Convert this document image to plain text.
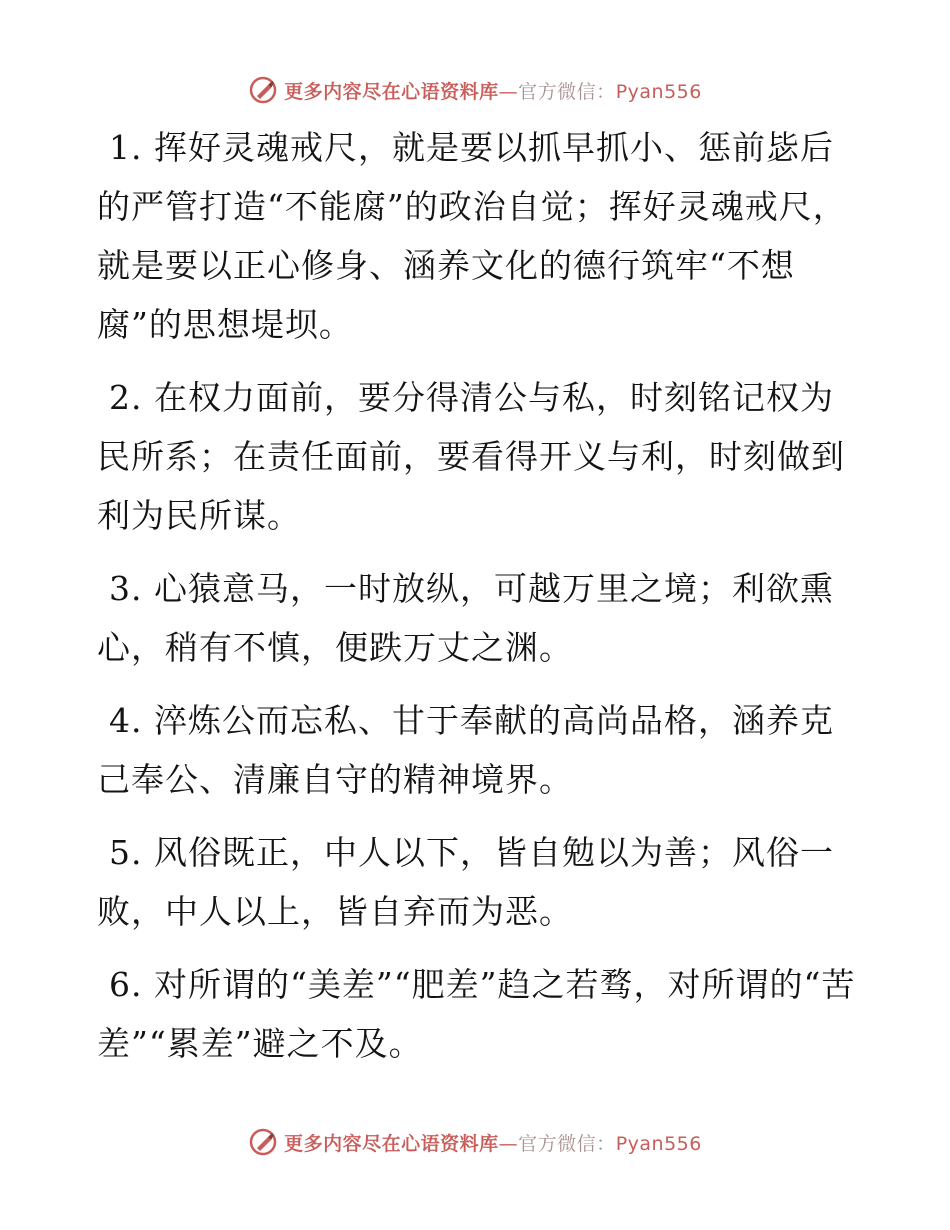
更多内容尽在心语资料库—官方微信：Pyan556

1. 挥好灵魂戒尺，就是要以抓早抓小、惩前毖后的严管打造“不能腐”的政治自觉；挥好灵魂戒尺，就是要以正心修身、涵养文化的德行筑牢“不想腐”的思想堤坝。

2. 在权力面前，要分得清公与私，时刻铭记权为民所系；在责任面前，要看得开义与利，时刻做到利为民所谋。

3. 心猿意马，一时放纵，可越万里之境；利欲熏心，稍有不慎，便跌万丈之渊。

4. 淬炼公而忘私、甘于奉献的高尚品格，涵养克己奉公、清廉自守的精神境界。

5. 风俗既正，中人以下，皆自勉以为善；风俗一败，中人以上，皆自弃而为恶。

6. 对所谓的“美差”“肥差”趋之若骛，对所谓的“苦差”“累差”避之不及。

更多内容尽在心语资料库—官方微信：Pyan556
